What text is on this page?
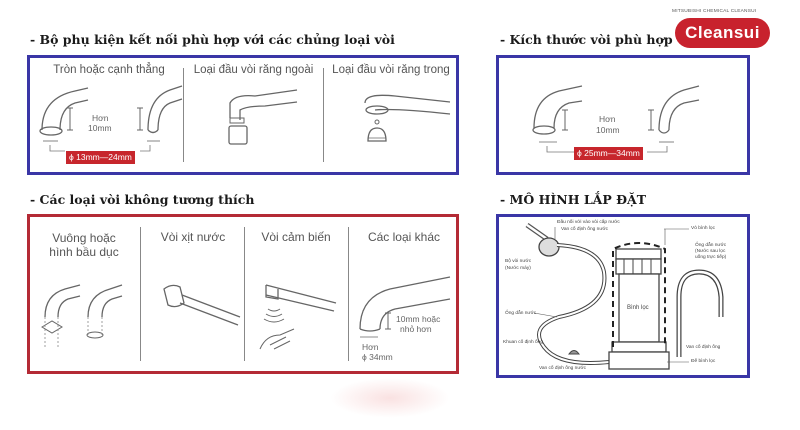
MITSUBISHI CHEMICAL CLEANSUI
Cleansui
- Bộ phụ kiện kết nối phù hợp với các chủng loại vòi
Tròn hoặc cạnh thẳng
Hơn
10mm
ϕ 13mm—24mm
Loại đầu vòi răng ngoài	Loại đầu vòi răng trong
- Kích thước vòi phù hợp
Hơn
10mm
ϕ 25mm—34mm
- Các loại vòi không tương thích
Vuông hoặc
hình bầu dục
Vòi xịt nước	Vòi cảm biến	Các loại khác
10mm hoặc
nhỏ hơn
Hơn
ϕ 34mm
- MÔ HÌNH LẮP ĐẶT
Đầu nối với vào vòi cấp nước
Van cố định ống nước
Bộ vòi nước
(Nước máy)
Vỏ bình lọc
Ống dẫn nước
(Nước sau lọc
uống trực tiếp)
Bình lọc
Ống dẫn nước
Khuan cố định ống
Van cố định ống nước
Van cố định ống
Đế bình lọc
